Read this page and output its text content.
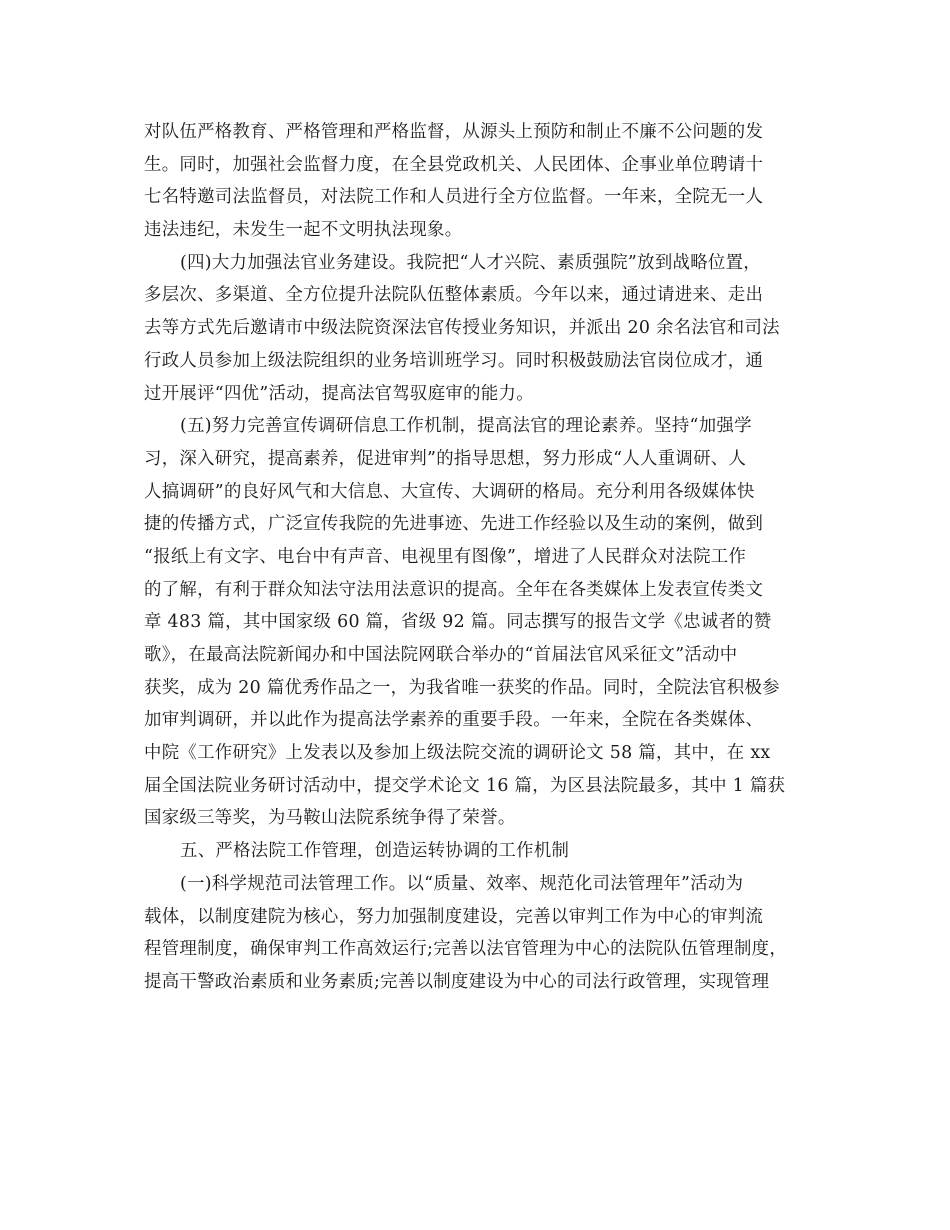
对队伍严格教育、严格管理和严格监督，从源头上预防和制止不廉不公问题的发
生。同时，加强社会监督力度，在全县党政机关、人民团体、企事业单位聘请十
七名特邀司法监督员，对法院工作和人员进行全方位监督。一年来，全院无一人
违法违纪，未发生一起不文明执法现象。
(四)大力加强法官业务建设。我院把“人才兴院、素质强院”放到战略位置，
多层次、多渠道、全方位提升法院队伍整体素质。今年以来，通过请进来、走出
去等方式先后邀请市中级法院资深法官传授业务知识，并派出 20 余名法官和司法
行政人员参加上级法院组织的业务培训班学习。同时积极鼓励法官岗位成才，通
过开展评“四优”活动，提高法官驾驭庭审的能力。
(五)努力完善宣传调研信息工作机制，提高法官的理论素养。坚持“加强学
习，深入研究，提高素养，促进审判”的指导思想，努力形成“人人重调研、人
人搞调研”的良好风气和大信息、大宣传、大调研的格局。充分利用各级媒体快
捷的传播方式，广泛宣传我院的先进事迹、先进工作经验以及生动的案例，做到
“报纸上有文字、电台中有声音、电视里有图像”，增进了人民群众对法院工作
的了解，有利于群众知法守法用法意识的提高。全年在各类媒体上发表宣传类文
章 483 篇，其中国家级 60 篇，省级 92 篇。同志撰写的报告文学《忠诚者的赞
歌》，在最高法院新闻办和中国法院网联合举办的“首届法官风采征文”活动中
获奖，成为 20 篇优秀作品之一，为我省唯一获奖的作品。同时，全院法官积极参
加审判调研，并以此作为提高法学素养的重要手段。一年来，全院在各类媒体、
中院《工作研究》上发表以及参加上级法院交流的调研论文 58 篇，其中，在 xx
届全国法院业务研讨活动中，提交学术论文 16 篇，为区县法院最多，其中 1 篇获
国家级三等奖，为马鞍山法院系统争得了荣誉。
五、严格法院工作管理，创造运转协调的工作机制
(一)科学规范司法管理工作。以“质量、效率、规范化司法管理年”活动为
载体，以制度建院为核心，努力加强制度建设，完善以审判工作为中心的审判流
程管理制度，确保审判工作高效运行;完善以法官管理为中心的法院队伍管理制度，
提高干警政治素质和业务素质;完善以制度建设为中心的司法行政管理，实现管理
